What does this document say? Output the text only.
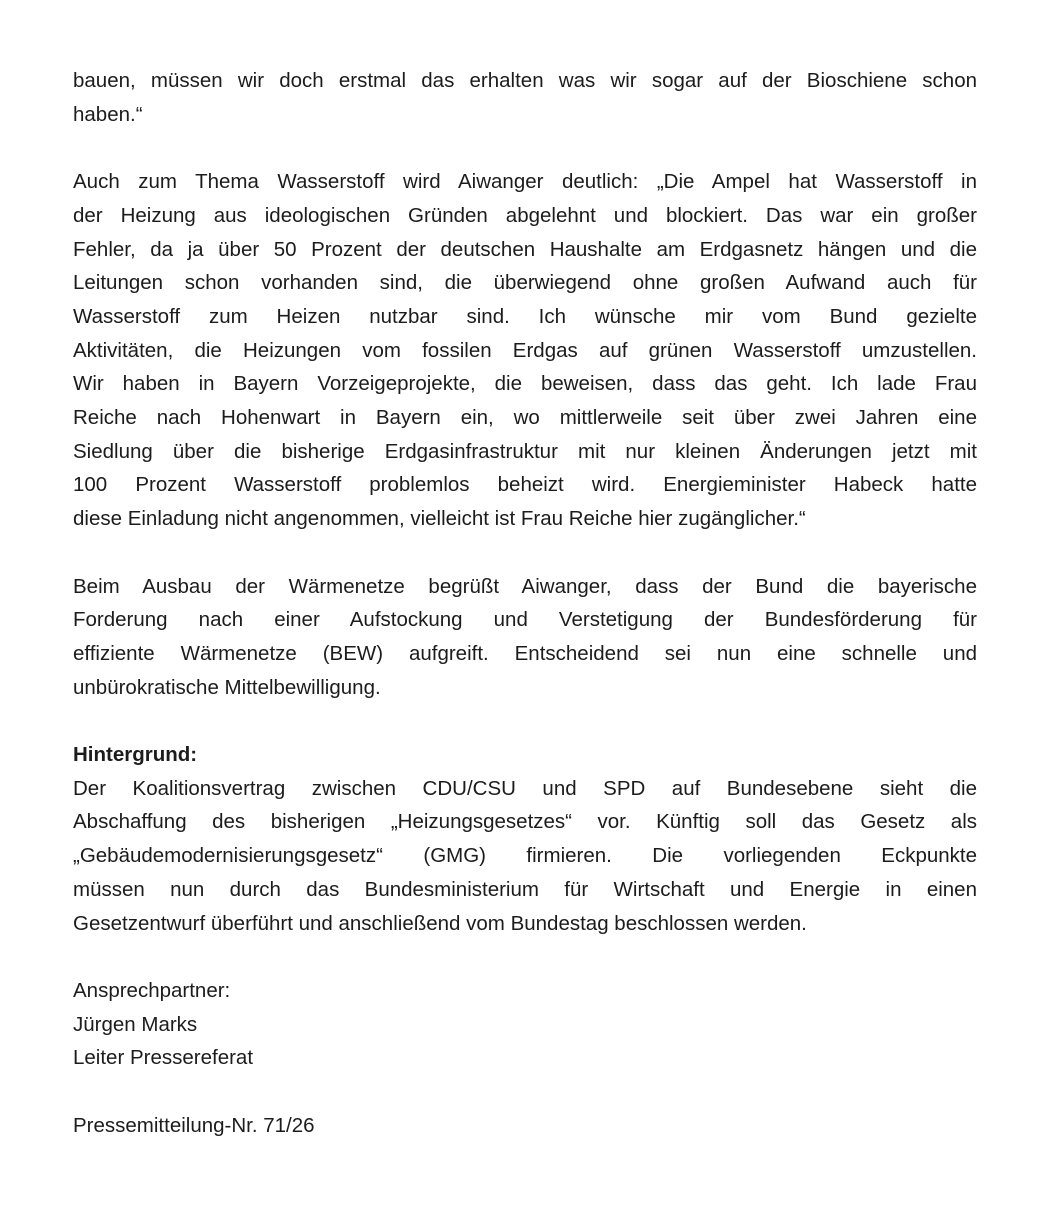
bauen, müssen wir doch erstmal das erhalten was wir sogar auf der Bioschiene schon
haben.“
Auch zum Thema Wasserstoff wird Aiwanger deutlich: „Die Ampel hat Wasserstoff in
der Heizung aus ideologischen Gründen abgelehnt und blockiert. Das war ein großer
Fehler, da ja über 50 Prozent der deutschen Haushalte am Erdgasnetz hängen und die
Leitungen schon vorhanden sind, die überwiegend ohne großen Aufwand auch für
Wasserstoff zum Heizen nutzbar sind. Ich wünsche mir vom Bund gezielte
Aktivitäten, die Heizungen vom fossilen Erdgas auf grünen Wasserstoff umzustellen.
Wir haben in Bayern Vorzeigeprojekte, die beweisen, dass das geht. Ich lade Frau
Reiche nach Hohenwart in Bayern ein, wo mittlerweile seit über zwei Jahren eine
Siedlung über die bisherige Erdgasinfrastruktur mit nur kleinen Änderungen jetzt mit
100 Prozent Wasserstoff problemlos beheizt wird. Energieminister Habeck hatte
diese Einladung nicht angenommen, vielleicht ist Frau Reiche hier zugänglicher.“
Beim Ausbau der Wärmenetze begrüßt Aiwanger, dass der Bund die bayerische
Forderung nach einer Aufstockung und Verstetigung der Bundesförderung für
effiziente Wärmenetze (BEW) aufgreift. Entscheidend sei nun eine schnelle und
unbürokratische Mittelbewilligung.
Hintergrund:
Der Koalitionsvertrag zwischen CDU/CSU und SPD auf Bundesebene sieht die
Abschaffung des bisherigen „Heizungsgesetzes“ vor. Künftig soll das Gesetz als
„Gebäudemodernisierungsgesetz“ (GMG) firmieren. Die vorliegenden Eckpunkte
müssen nun durch das Bundesministerium für Wirtschaft und Energie in einen
Gesetzentwurf überführt und anschließend vom Bundestag beschlossen werden.
Ansprechpartner:
Jürgen Marks
Leiter Pressereferat
Pressemitteilung-Nr. 71/26
